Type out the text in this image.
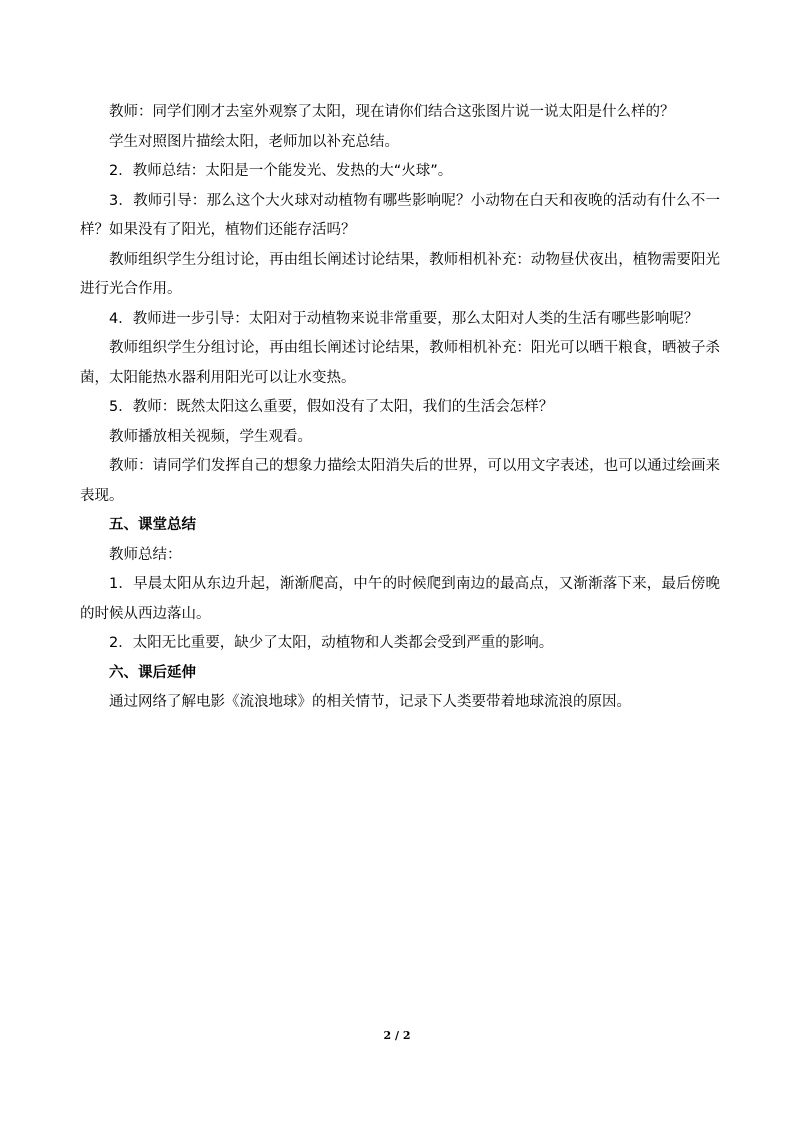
教师：同学们刚才去室外观察了太阳，现在请你们结合这张图片说一说太阳是什么样的？

学生对照图片描绘太阳，老师加以补充总结。

2．教师总结：太阳是一个能发光、发热的大“火球”。

3．教师引导：那么这个大火球对动植物有哪些影响呢？小动物在白天和夜晚的活动有什么不一样？如果没有了阳光，植物们还能存活吗？

教师组织学生分组讨论，再由组长阐述讨论结果，教师相机补充：动物昼伏夜出，植物需要阳光进行光合作用。

4．教师进一步引导：太阳对于动植物来说非常重要，那么太阳对人类的生活有哪些影响呢？

教师组织学生分组讨论，再由组长阐述讨论结果，教师相机补充：阳光可以晒干粮食，晒被子杀菌，太阳能热水器利用阳光可以让水变热。

5．教师：既然太阳这么重要，假如没有了太阳，我们的生活会怎样？

教师播放相关视频，学生观看。

教师：请同学们发挥自己的想象力描绘太阳消失后的世界，可以用文字表述，也可以通过绘画来表现。

五、课堂总结

教师总结：

1．早晨太阳从东边升起，渐渐爬高，中午的时候爬到南边的最高点，又渐渐落下来，最后傍晚的时候从西边落山。

2．太阳无比重要，缺少了太阳，动植物和人类都会受到严重的影响。

六、课后延伸

通过网络了解电影《流浪地球》的相关情节，记录下人类要带着地球流浪的原因。

2 / 2
